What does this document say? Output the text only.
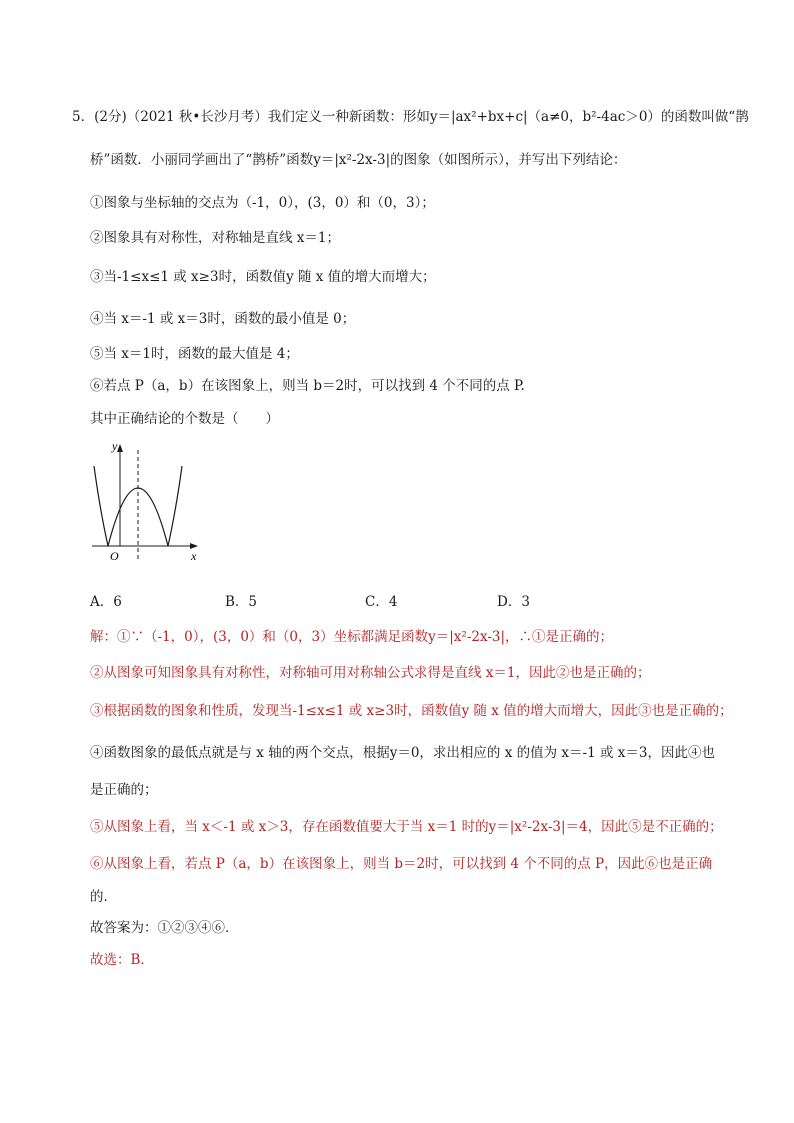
5．(2分)（2021 秋•长沙月考）我们定义一种新函数：形如y＝|ax²+bx+c|（a≠0，b²-4ac＞0）的函数叫做“鹊
桥”函数．小丽同学画出了“鹊桥”函数y＝|x²-2x-3|的图象（如图所示），并写出下列结论：
①图象与坐标轴的交点为（-1，0），(3，0）和（0，3）；
②图象具有对称性，对称轴是直线 x＝1；
③当-1≤x≤1 或 x≥3时，函数值y 随 x 值的增大而增大；
④当 x＝-1 或 x＝3时，函数的最小值是 0；
⑤当 x＝1时，函数的最大值是 4；
⑥若点 P（a，b）在该图象上，则当 b＝2时，可以找到 4 个不同的点 P.
其中正确结论的个数是（　　）
y
x
O
A．6	B．5	C．4	D．3
解：①∵（-1，0），(3，0）和（0，3）坐标都满足函数y＝|x²-2x-3|，∴①是正确的；
②从图象可知图象具有对称性，对称轴可用对称轴公式求得是直线 x＝1，因此②也是正确的；
③根据函数的图象和性质，发现当-1≤x≤1 或 x≥3时，函数值y 随 x 值的增大而增大，因此③也是正确的；
④函数图象的最低点就是与 x 轴的两个交点，根据y＝0，求出相应的 x 的值为 x＝-1 或 x＝3，因此④也
是正确的；
⑤从图象上看，当 x＜-1 或 x＞3，存在函数值要大于当 x＝1 时的y＝|x²-2x-3|＝4，因此⑤是不正确的；
⑥从图象上看，若点 P（a，b）在该图象上，则当 b＝2时，可以找到 4 个不同的点 P，因此⑥也是正确
的．
故答案为：①②③④⑥．
故选：B．
